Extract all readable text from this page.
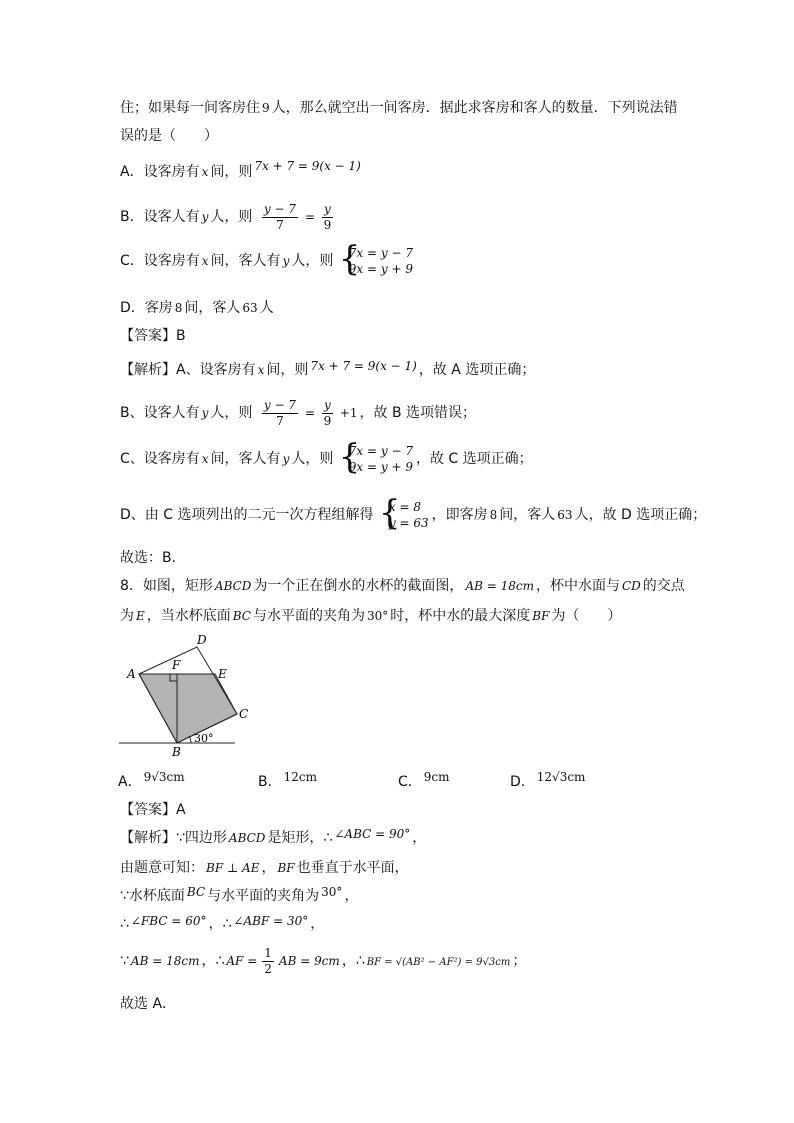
住；如果每一间客房住 9 人，那么就空出一间客房．据此求客房和客人的数量．下列说法错
误的是（　　）
A．设客房有 x 间，则 7x + 7 = 9(x − 1)
B．设客人有 y 人，则 $\frac{y - 7}{7} = \frac{y}{9}$
C．设客房有 x 间，客人有 y 人，则 { 7x = y − 7
9x = y + 9
D．客房 8 间，客人 63 人
【答案】B
【解析】A、设客房有 x 间，则 7x + 7 = 9(x − 1) ，故 A 选项正确；
B、设客人有 y 人，则 $\frac{y - 7}{7} = \frac{y}{9} +1$ ，故 B 选项错误；
C、设客房有 x 间，客人有 y 人，则 { 7x = y − 7
9x = y + 9 ，故 C 选项正确；
D、由 C 选项列出的二元一次方程组解得 { x = 8
y = 63 ，即客房 8 间，客人 63 人，故 D 选项正确；
故选：B．
8．如图，矩形 ABCD 为一个正在倒水的水杯的截面图， AB = 18cm ，杯中水面与 CD 的交点
为 E ，当水杯底面 BC 与水平面的夹角为 30° 时，杯中水的最大深度 BF 为（　　）
A
D
F
E
C
B
30°
A． 9√3cm	B． 12cm	C． 9cm	D． 12√3cm
【答案】A
【解析】∵四边形 ABCD 是矩形，∴ ∠ABC = 90° ，
由题意可知： BF ⊥ AE ， BF 也垂直于水平面，
∵水杯底面 BC 与水平面的夹角为 30° ，
∴ ∠FBC = 60° ，∴ ∠ABF = 30° ，
∵ AB = 18cm ，∴ AF = $\frac{1}{2}$ AB = 9cm ，∴ BF = √(AB² − AF²) = 9√3cm ；
故选 A．
